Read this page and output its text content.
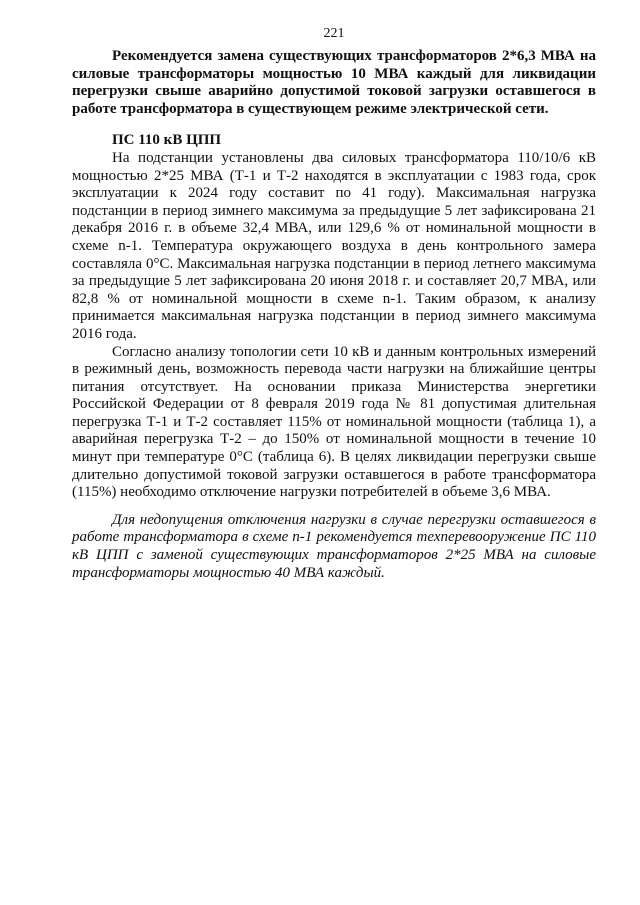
221

Рекомендуется замена существующих трансформаторов 2*6,3 МВА на силовые трансформаторы мощностью 10 МВА каждый для ликвидации перегрузки свыше аварийно допустимой токовой загрузки оставшегося в работе трансформатора в существующем режиме электрической сети.

ПС 110 кВ ЦПП

На подстанции установлены два силовых трансформатора 110/10/6 кВ мощностью 2*25 МВА (Т-1 и Т-2 находятся в эксплуатации с 1983 года, срок эксплуатации к 2024 году составит по 41 году). Максимальная нагрузка подстанции в период зимнего максимума за предыдущие 5 лет зафиксирована 21 декабря 2016 г. в объеме 32,4 МВА, или 129,6 % от номинальной мощности в схеме n-1. Температура окружающего воздуха в день контрольного замера составляла 0°С. Максимальная нагрузка подстанции в период летнего максимума за предыдущие 5 лет зафиксирована 20 июня 2018 г. и составляет 20,7 МВА, или 82,8 % от номинальной мощности в схеме n-1. Таким образом, к анализу принимается максимальная нагрузка подстанции в период зимнего максимума 2016 года.

Согласно анализу топологии сети 10 кВ и данным контрольных измерений в режимный день, возможность перевода части нагрузки на ближайшие центры питания отсутствует. На основании приказа Министерства энергетики Российской Федерации от 8 февраля 2019 года № 81 допустимая длительная перегрузка Т-1 и Т-2 составляет 115% от номинальной мощности (таблица 1), а аварийная перегрузка Т-2 – до 150% от номинальной мощности в течение 10 минут при температуре 0°С (таблица 6). В целях ликвидации перегрузки свыше длительно допустимой токовой загрузки оставшегося в работе трансформатора (115%) необходимо отключение нагрузки потребителей в объеме 3,6 МВА.

Для недопущения отключения нагрузки в случае перегрузки оставшегося в работе трансформатора в схеме n-1 рекомендуется техперевооружение ПС 110 кВ ЦПП с заменой существующих трансформаторов 2*25 МВА на силовые трансформаторы мощностью 40 МВА каждый.
